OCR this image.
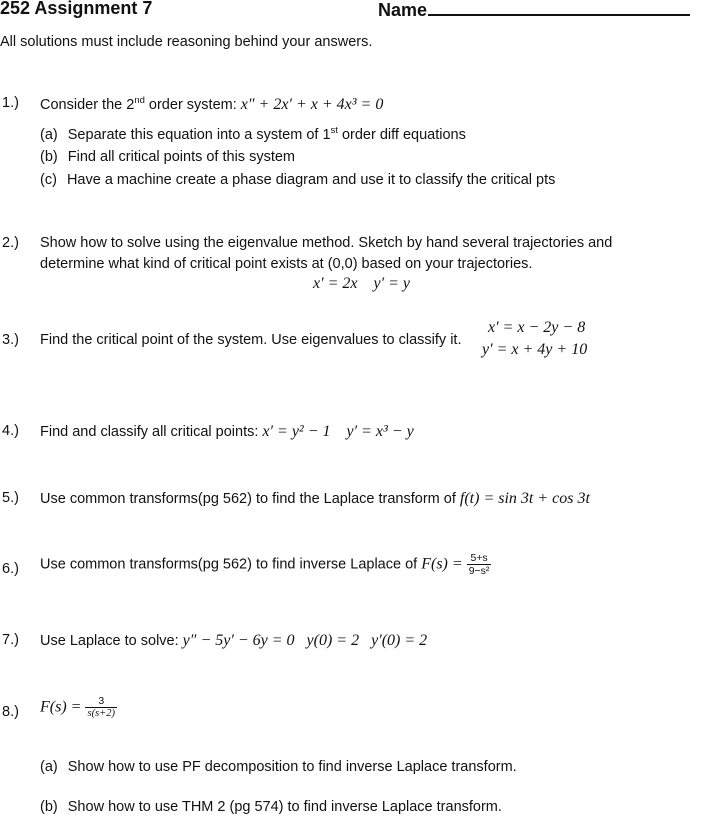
252 Assignment 7	Name
All solutions must include reasoning behind your answers.
1.) Consider the 2nd order system: x″ + 2x′ + x + 4x³ = 0
(a) Separate this equation into a system of 1st order diff equations
(b) Find all critical points of this system
(c) Have a machine create a phase diagram and use it to classify the critical pts
2.) Show how to solve using the eigenvalue method. Sketch by hand several trajectories and
determine what kind of critical point exists at (0,0) based on your trajectories.
x′ = 2x    y′ = y
3.) Find the critical point of the system. Use eigenvalues to classify it.
x′ = x − 2y − 8
y′ = x + 4y + 10
4.) Find and classify all critical points: x′ = y² − 1    y′ = x³ − y
5.) Use common transforms(pg 562) to find the Laplace transform of f(t) = sin 3t + cos 3t
6.) Use common transforms(pg 562) to find inverse Laplace of $F(s) = \frac{5+s}{\text{9−s²}}$
7.) Use Laplace to solve: y″ − 5y′ − 6y = 0   y(0) = 2   y′(0) = 2
8.) $F(s) = \frac{3}{s(s+2)}$
(a) Show how to use PF decomposition to find inverse Laplace transform.
(b) Show how to use THM 2 (pg 574) to find inverse Laplace transform.
